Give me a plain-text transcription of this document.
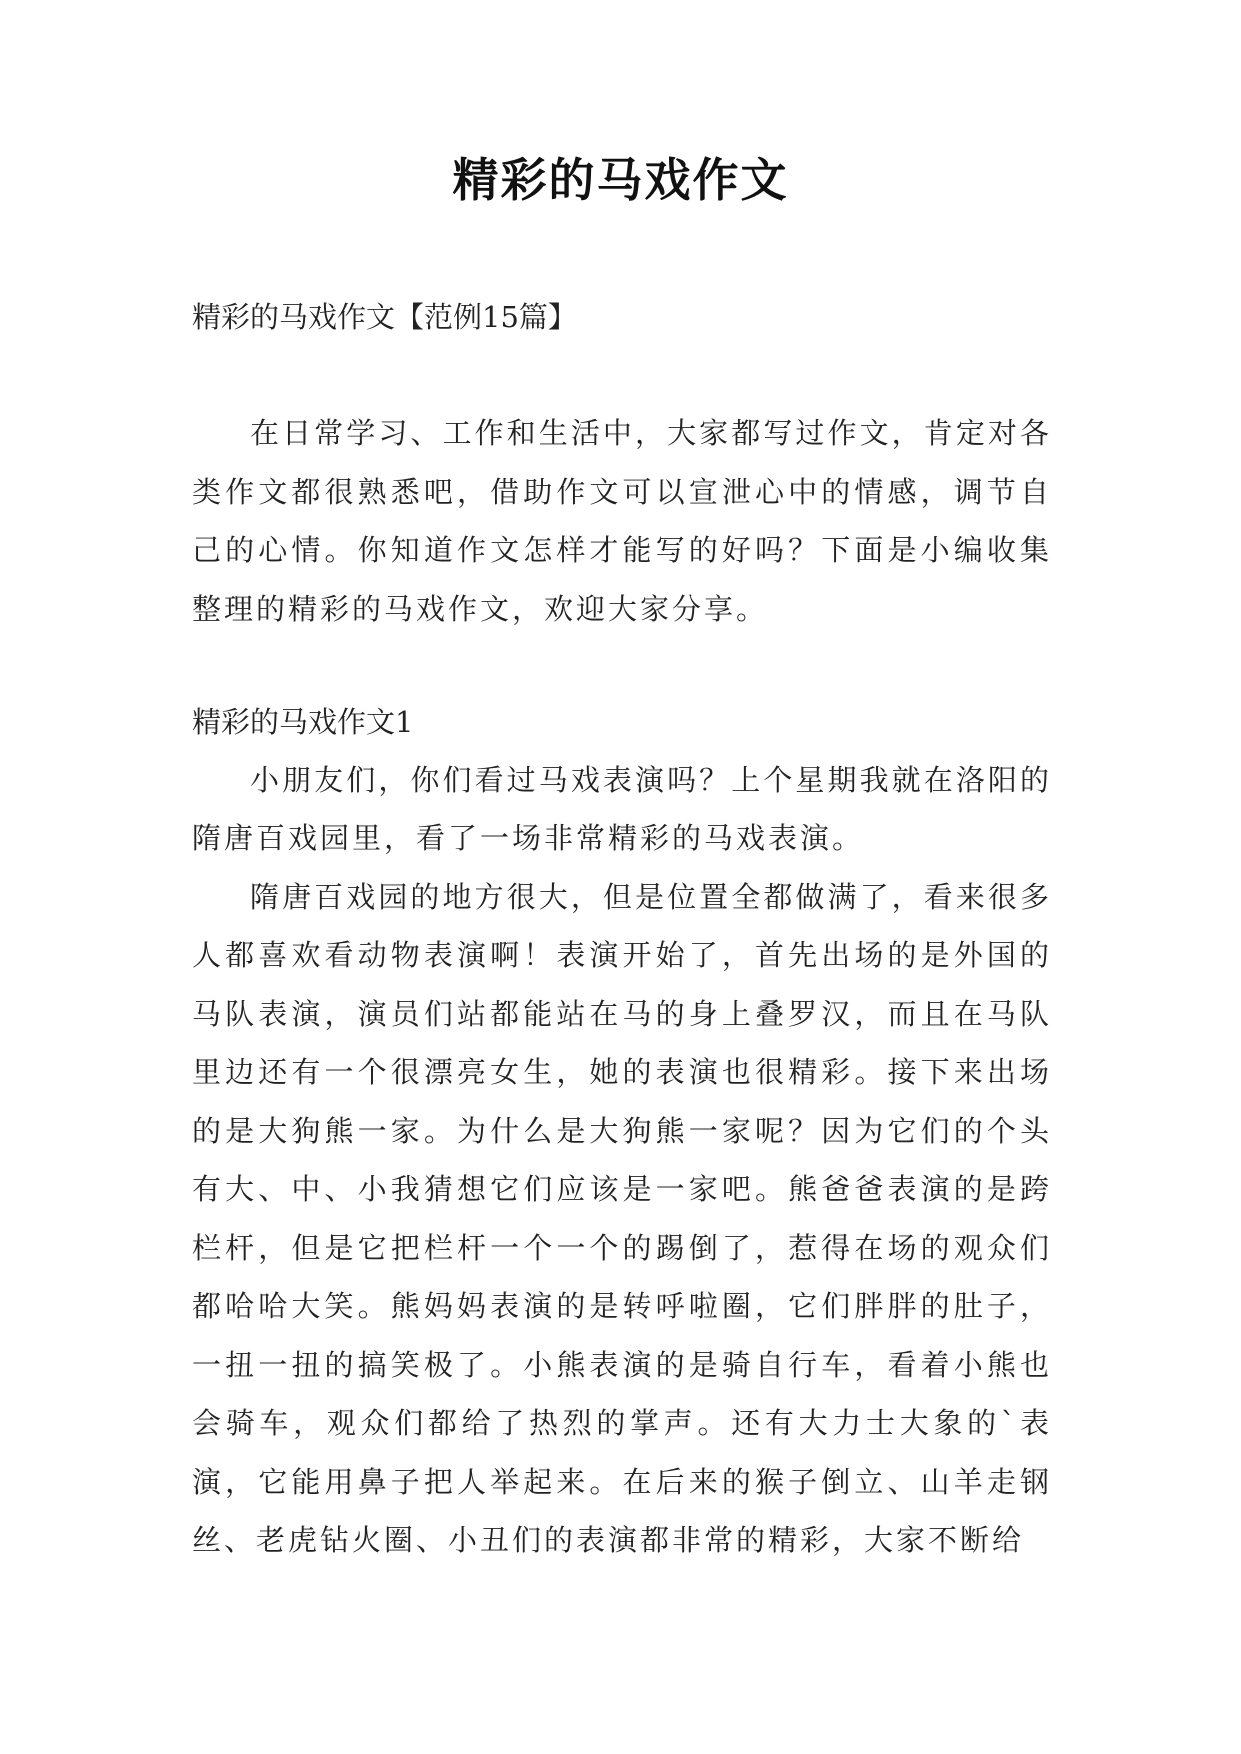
精彩的马戏作文
精彩的马戏作文【范例15篇】

在日常学习、工作和生活中，大家都写过作文，肯定对各类作文都很熟悉吧，借助作文可以宣泄心中的情感，调节自己的心情。你知道作文怎样才能写的好吗？下面是小编收集整理的精彩的马戏作文，欢迎大家分享。

精彩的马戏作文1

小朋友们，你们看过马戏表演吗？上个星期我就在洛阳的隋唐百戏园里，看了一场非常精彩的马戏表演。

隋唐百戏园的地方很大，但是位置全都做满了，看来很多人都喜欢看动物表演啊！表演开始了，首先出场的是外国的马队表演，演员们站都能站在马的身上叠罗汉，而且在马队里边还有一个很漂亮女生，她的表演也很精彩。接下来出场的是大狗熊一家。为什么是大狗熊一家呢？因为它们的个头有大、中、小我猜想它们应该是一家吧。熊爸爸表演的是跨栏杆，但是它把栏杆一个一个的踢倒了，惹得在场的观众们都哈哈大笑。熊妈妈表演的是转呼啦圈，它们胖胖的肚子，一扭一扭的搞笑极了。小熊表演的是骑自行车，看着小熊也会骑车，观众们都给了热烈的掌声。还有大力士大象的`表演，它能用鼻子把人举起来。在后来的猴子倒立、山羊走钢丝、老虎钻火圈、小丑们的表演都非常的精彩，大家不断给
